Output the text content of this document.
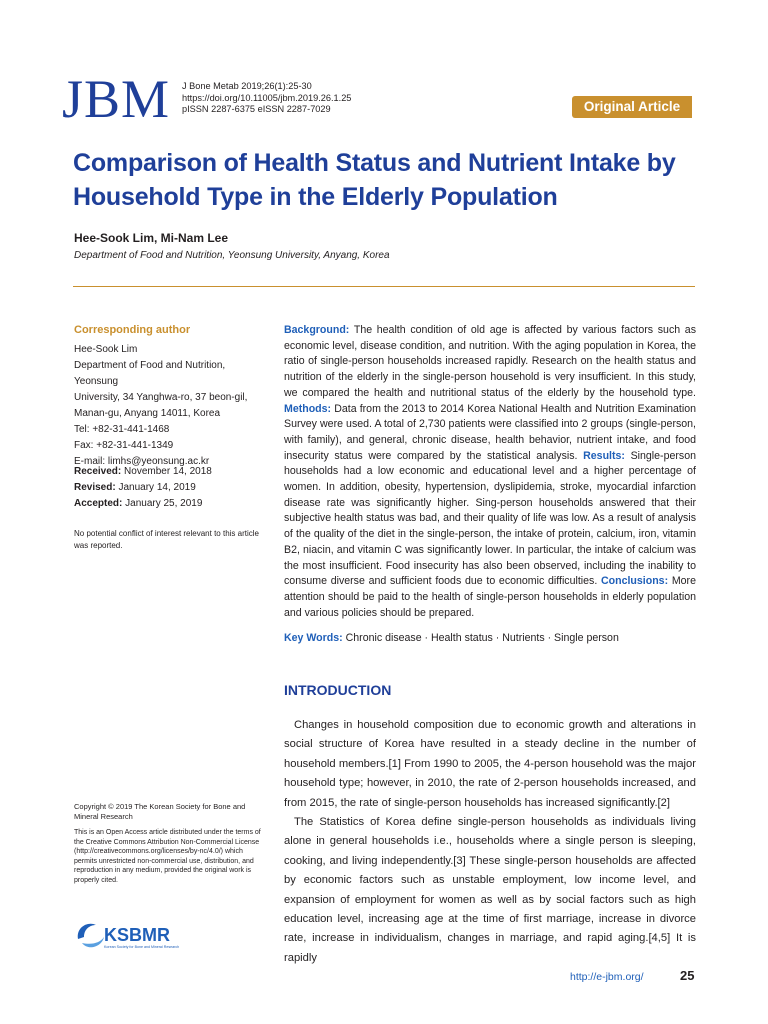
JBM J Bone Metab 2019;26(1):25-30
https://doi.org/10.11005/jbm.2019.26.1.25
pISSN 2287-6375 eISSN 2287-7029	Original Article
Comparison of Health Status and Nutrient Intake by Household Type in the Elderly Population
Hee-Sook Lim, Mi-Nam Lee
Department of Food and Nutrition, Yeonsung University, Anyang, Korea
Corresponding author
Hee-Sook Lim
Department of Food and Nutrition, Yeonsung
University, 34 Yanghwa-ro, 37 beon-gil,
Manan-gu, Anyang 14011, Korea
Tel: +82-31-441-1468
Fax: +82-31-441-1349
E-mail: limhs@yeonsung.ac.kr
Received: November 14, 2018
Revised: January 14, 2019
Accepted: January 25, 2019
No potential conflict of interest relevant to this article was reported.
Copyright © 2019 The Korean Society for Bone and Mineral Research
This is an Open Access article distributed under the terms of the Creative Commons Attribution Non-Commercial License (http://creativecommons.org/licenses/by-nc/4.0/) which permits unrestricted non-commercial use, distribution, and reproduction in any medium, provided the original work is properly cited.
KSBMR
Korean Society for Bone and Mineral Research
Background: The health condition of old age is affected by various factors such as economic level, disease condition, and nutrition. With the aging population in Korea, the ratio of single-person households increased rapidly. Research on the health status and nutrition of the elderly in the single-person household is very insufficient. In this study, we compared the health and nutritional status of the elderly by the household type. Methods: Data from the 2013 to 2014 Korea National Health and Nutrition Examination Survey were used. A total of 2,730 patients were classified into 2 groups (single-person, with family), and general, chronic disease, health behavior, nutrient intake, and food insecurity status were compared by the statistical analysis. Results: Single-person households had a low economic and educational level and a higher percentage of women. In addition, obesity, hypertension, dyslipidemia, stroke, myocardial infarction disease rate was significantly higher. Sing-person households answered that their subjective health status was bad, and their quality of life was low. As a result of analysis of the quality of the diet in the single-person, the intake of protein, calcium, iron, vitamin B2, niacin, and vitamin C was significantly lower. In particular, the intake of calcium was the most insufficient. Food insecurity has also been observed, including the inability to consume diverse and sufficient foods due to economic difficulties. Conclusions: More attention should be paid to the health of single-person households in elderly population and various policies should be prepared.
Key Words: Chronic disease · Health status · Nutrients · Single person
INTRODUCTION

Changes in household composition due to economic growth and alterations in social structure of Korea have resulted in a steady decline in the number of household members.[1] From 1990 to 2005, the 4-person household was the major household type; however, in 2010, the rate of 2-person households increased, and from 2015, the rate of single-person households has increased significantly.[2]

The Statistics of Korea define single-person households as individuals living alone in general households i.e., households where a single person is sleeping, cooking, and living independently.[3] These single-person households are affected by economic factors such as unstable employment, low income level, and expansion of employment for women as well as by social factors such as high education level, increasing age at the time of first marriage, increase in divorce rate, increase in individualism, changes in marriage, and rapid aging.[4,5] It is rapidly

http://e-jbm.org/	25
